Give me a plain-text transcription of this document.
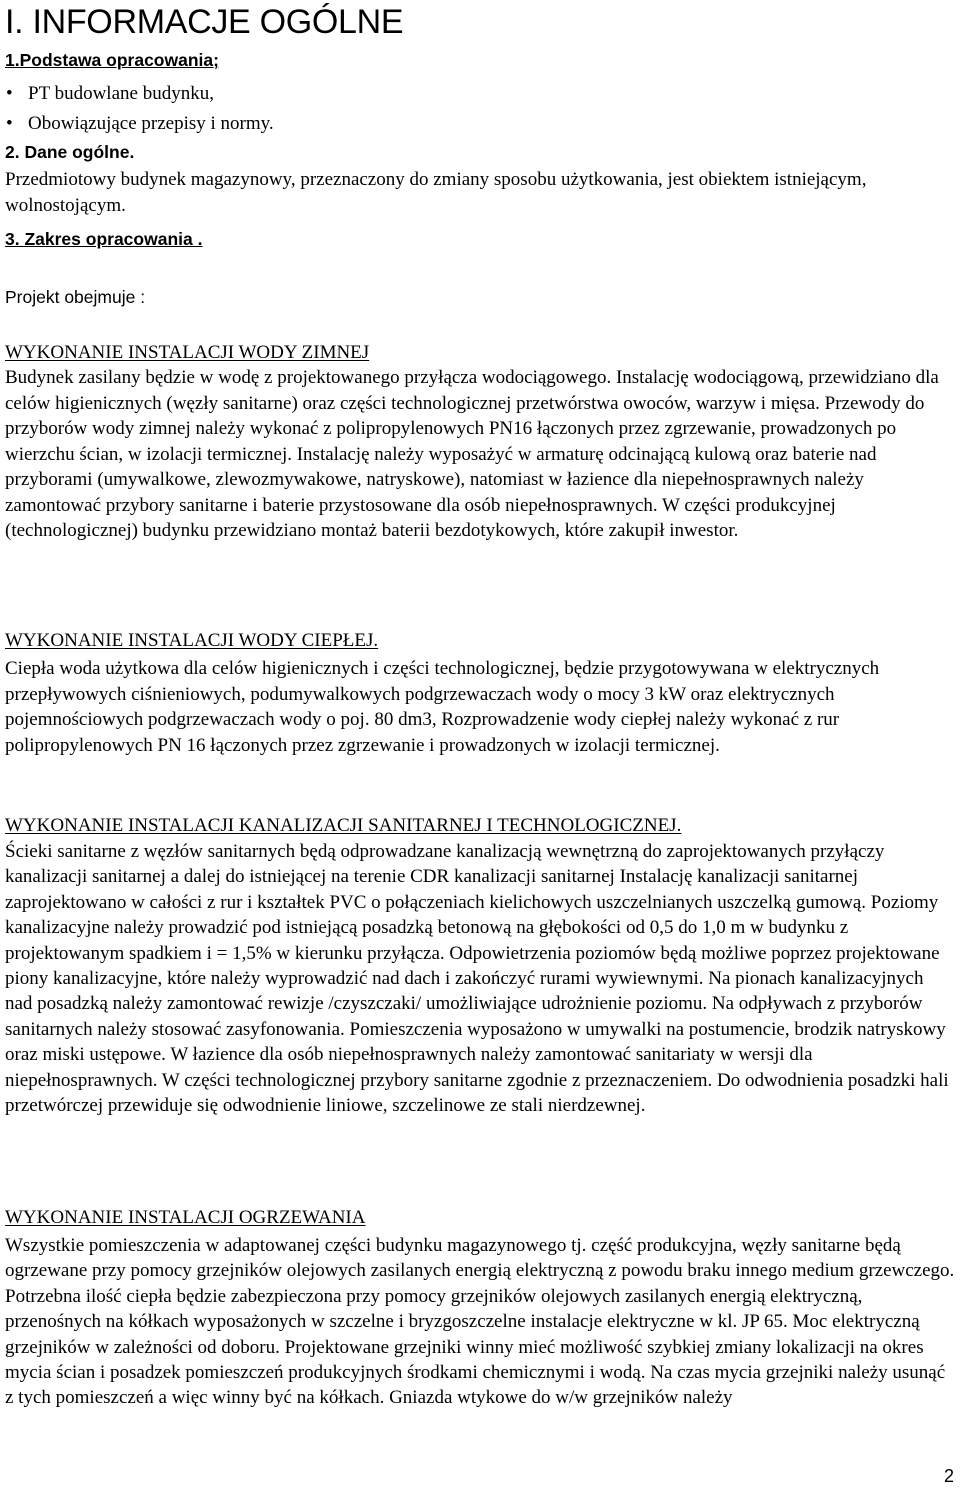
I. INFORMACJE OGÓLNE
1.Podstawa opracowania;
• PT budowlane budynku,
• Obowiązujące przepisy i normy.
2. Dane ogólne.
Przedmiotowy budynek magazynowy, przeznaczony do zmiany sposobu użytkowania, jest obiektem istniejącym, wolnostojącym.
3. Zakres opracowania .
Projekt obejmuje :
WYKONANIE INSTALACJI WODY ZIMNEJ
Budynek zasilany będzie w wodę z projektowanego przyłącza wodociągowego. Instalację wodociągową, przewidziano dla celów higienicznych (węzły sanitarne) oraz części technologicznej przetwórstwa owoców, warzyw i mięsa. Przewody do przyborów wody zimnej należy wykonać z polipropylenowych PN16 łączonych przez zgrzewanie, prowadzonych po wierzchu ścian, w izolacji termicznej. Instalację należy wyposażyć w armaturę odcinającą kulową oraz baterie nad przyborami (umywalkowe, zlewozmywakowe, natryskowe), natomiast w łazience dla niepełnosprawnych należy zamontować przybory sanitarne i baterie przystosowane dla osób niepełnosprawnych. W części produkcyjnej (technologicznej) budynku przewidziano montaż baterii bezdotykowych, które zakupił inwestor.
WYKONANIE INSTALACJI WODY CIEPŁEJ.
Ciepła woda użytkowa dla celów higienicznych i części technologicznej, będzie przygotowywana w elektrycznych przepływowych ciśnieniowych, podumywalkowych podgrzewaczach wody o mocy 3 kW oraz elektrycznych pojemnościowych podgrzewaczach wody o poj. 80 dm3, Rozprowadzenie wody ciepłej należy wykonać z rur polipropylenowych PN 16 łączonych przez zgrzewanie i prowadzonych w izolacji termicznej.
WYKONANIE INSTALACJI KANALIZACJI SANITARNEJ I TECHNOLOGICZNEJ.
Ścieki sanitarne z węzłów sanitarnych będą odprowadzane kanalizacją wewnętrzną do zaprojektowanych przyłączy kanalizacji sanitarnej a dalej do istniejącej na terenie CDR kanalizacji sanitarnej Instalację kanalizacji sanitarnej zaprojektowano w całości z rur i kształtek PVC o połączeniach kielichowych uszczelnianych uszczelką gumową. Poziomy kanalizacyjne należy prowadzić pod istniejącą posadzką betonową na głębokości od 0,5 do 1,0 m w budynku z projektowanym spadkiem i = 1,5% w kierunku przyłącza. Odpowietrzenia poziomów będą możliwe poprzez projektowane piony kanalizacyjne, które należy wyprowadzić nad dach i zakończyć rurami wywiewnymi. Na pionach kanalizacyjnych nad posadzką należy zamontować rewizje /czyszczaki/ umożliwiające udrożnienie poziomu. Na odpływach z przyborów sanitarnych należy stosować zasyfonowania. Pomieszczenia wyposażono w umywalki na postumencie, brodzik natryskowy oraz miski ustępowe. W łazience dla osób niepełnosprawnych należy zamontować sanitariaty w wersji dla niepełnosprawnych. W części technologicznej przybory sanitarne zgodnie z przeznaczeniem. Do odwodnienia posadzki hali przetwórczej przewiduje się odwodnienie liniowe, szczelinowe ze stali nierdzewnej.
WYKONANIE INSTALACJI OGRZEWANIA
Wszystkie pomieszczenia w adaptowanej części budynku magazynowego tj. część produkcyjna, węzły sanitarne będą ogrzewane przy pomocy grzejników olejowych zasilanych energią elektryczną z powodu braku innego medium grzewczego. Potrzebna ilość ciepła będzie zabezpieczona przy pomocy grzejników olejowych zasilanych energią elektryczną, przenośnych na kółkach wyposażonych w szczelne i bryzgoszczelne instalacje elektryczne w kl. JP 65. Moc elektryczną grzejników w zależności od doboru. Projektowane grzejniki winny mieć możliwość szybkiej zmiany lokalizacji na okres mycia ścian i posadzek pomieszczeń produkcyjnych środkami chemicznymi i wodą. Na czas mycia grzejniki należy usunąć z tych pomieszczeń a więc winny być na kółkach. Gniazda wtykowe do w/w grzejników należy
2
